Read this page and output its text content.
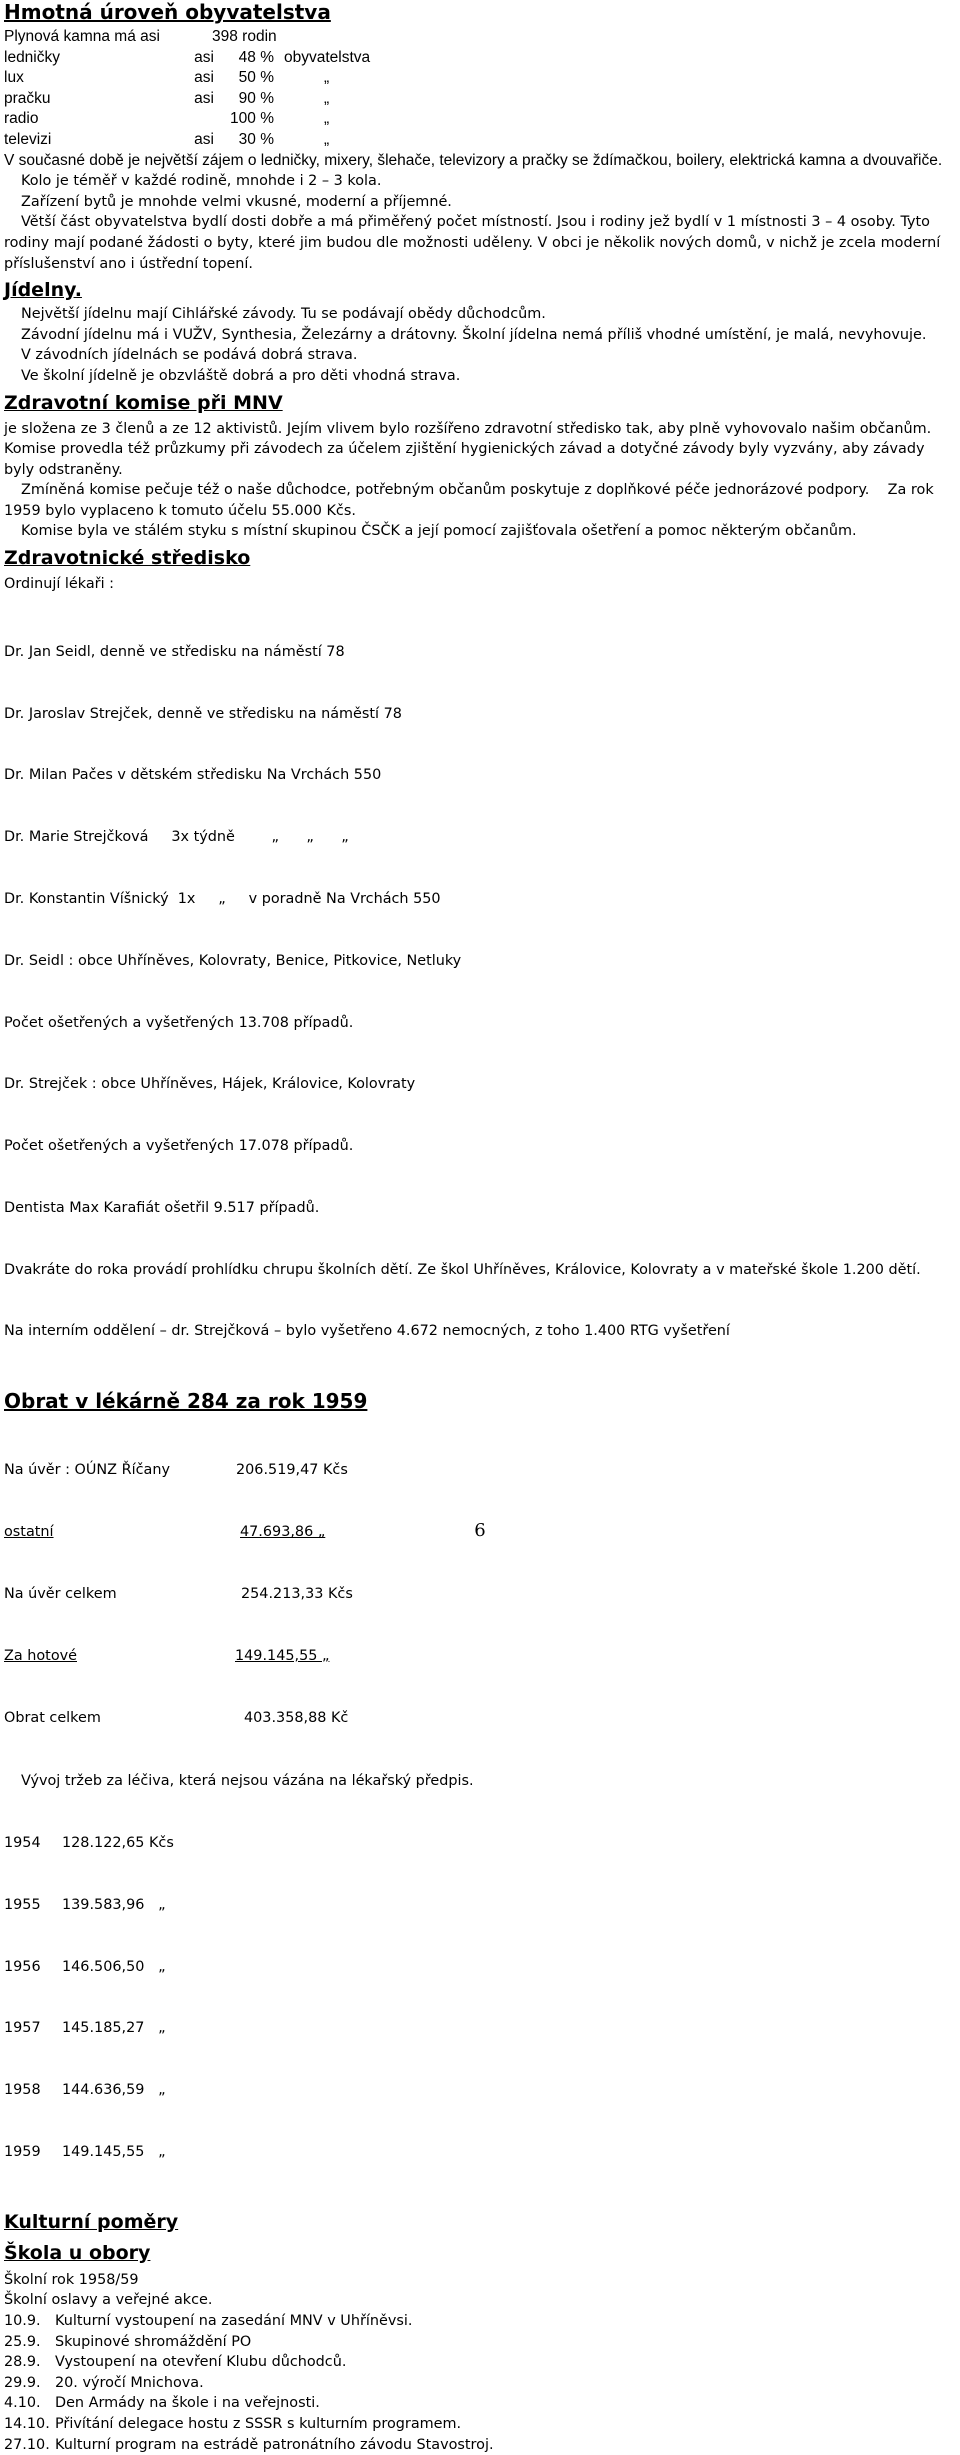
Hmotná úroveň obyvatelstva
Plynová kamna má asi	398 rodin
ledničky	asi	48 % obyvatelstva
lux	asi	50 %	„
pračku	asi	90 %	„
radio	100 %	„
televizi	asi	30 %	„

V současné době je největší zájem o ledničky, mixery, šlehače, televizory a pračky se ždímačkou, boilery, elektrická kamna a dvouvařiče.

Kolo je téměř v každé rodině, mnohde i 2 – 3 kola.

Zařízení bytů je mnohde velmi vkusné, moderní a příjemné.

Větší část obyvatelstva bydlí dosti dobře a má přiměřený počet místností. Jsou i rodiny jež bydlí v 1 místnosti 3 – 4 osoby. Tyto rodiny mají podané žádosti o byty, které jim budou dle možnosti uděleny. V obci je několik nových domů, v nichž je zcela moderní příslušenství ano i ústřední topení.

Jídelny.

Největší jídelnu mají Cihlářské závody. Tu se podávají obědy důchodcům.

Závodní jídelnu má i VUŽV, Synthesia, Železárny a drátovny. Školní jídelna nemá příliš vhodné umístění, je malá, nevyhovuje.

V závodních jídelnách se podává dobrá strava.

Ve školní jídelně je obzvláště dobrá a pro děti vhodná strava.

Zdravotní komise při MNV

je složena ze 3 členů a ze 12 aktivistů. Jejím vlivem bylo rozšířeno zdravotní středisko tak, aby plně vyhovovalo našim občanům. Komise provedla též průzkumy při závodech za účelem zjištění hygienických závad a dotyčné závody byly vyzvány, aby závady byly odstraněny.

Zmíněná komise pečuje též o naše důchodce, potřebným občanům poskytuje z doplňkové péče jednorázové podpory.    Za rok 1959 bylo vyplaceno k tomuto účelu 55.000 Kčs.

Komise byla ve stálém styku s místní skupinou ČSČK a její pomocí zajišťovala ošetření a pomoc některým občanům.

Zdravotnické středisko

Ordinují lékaři :

Dr. Jan Seidl, denně ve středisku na náměstí 78

Dr. Jaroslav Strejček, denně ve středisku na náměstí 78

Dr. Milan Pačes v dětském středisku Na Vrchách 550

Dr. Marie Strejčková     3x týdně        „      „      „

Dr. Konstantin Víšnický  1x     „     v poradně Na Vrchách 550

Dr. Seidl : obce Uhříněves, Kolovraty, Benice, Pitkovice, Netluky

Počet ošetřených a vyšetřených 13.708 případů.

Dr. Strejček : obce Uhříněves, Hájek, Královice, Kolovraty

Počet ošetřených a vyšetřených 17.078 případů.

Dentista Max Karafiát ošetřil 9.517 případů.

Dvakráte do roka provádí prohlídku chrupu školních dětí. Ze škol Uhříněves, Královice, Kolovraty a v mateřské škole 1.200 dětí.

Na interním oddělení – dr. Strejčková – bylo vyšetřeno 4.672 nemocných, z toho 1.400 RTG vyšetření

Obrat v lékárně 284 za rok 1959

Na úvěr : OÚNZ Říčany	206.519,47 Kčs

ostatní	47.693,86 „

Na úvěr celkem	254.213,33 Kčs

Za hotové	149.145,55 „

Obrat celkem	403.358,88 Kč

Vývoj tržeb za léčiva, která nejsou vázána na lékařský předpis.

1954 128.122,65 Kčs

1955 139.583,96   „

1956 146.506,50   „

1957 145.185,27   „

1958 144.636,59   „

1959 149.145,55   „

Kulturní poměry
Škola u obory

Školní rok 1958/59

Školní oslavy a veřejné akce.

10.9. Kulturní vystoupení na zasedání MNV v Uhříněvsi.
25.9. Skupinové shromáždění PO
28.9. Vystoupení na otevření Klubu důchodců.
29.9. 20. výročí Mnichova.
4.10. Den Armády na škole i na veřejnosti.
14.10. Přivítání delegace hostu z SSSR s kulturním programem.
27.10. Kulturní program na estrádě patronátního závodu Stavostroj.
6
